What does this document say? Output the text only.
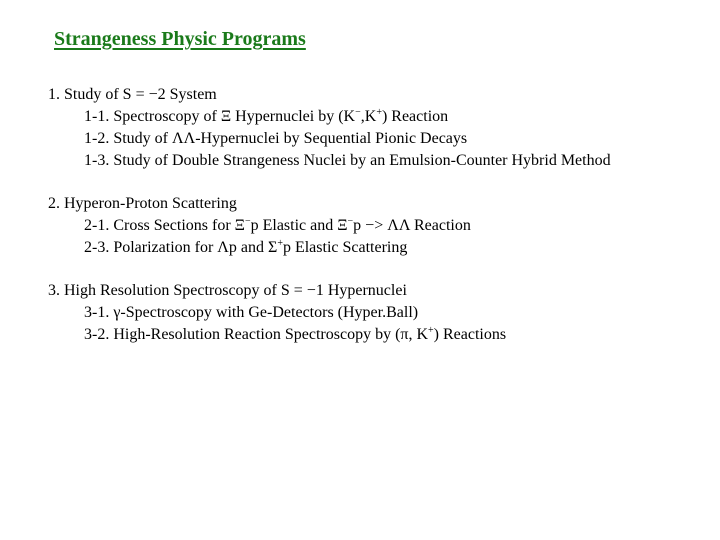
Strangeness Physic Programs
1. Study of S = −2 System
1-1. Spectroscopy of Ξ Hypernuclei by (K−,K+) Reaction
1-2. Study of ΛΛ-Hypernuclei by Sequential Pionic Decays
1-3. Study of Double Strangeness Nuclei by an Emulsion-Counter Hybrid Method
2. Hyperon-Proton Scattering
2-1. Cross Sections for Ξ−p Elastic and Ξ−p −> ΛΛ Reaction
2-3. Polarization for Λp and Σ+p Elastic Scattering
3. High Resolution Spectroscopy of S = −1 Hypernuclei
3-1. γ-Spectroscopy with Ge-Detectors (Hyper.Ball)
3-2. High-Resolution Reaction Spectroscopy by (π, K+) Reactions
